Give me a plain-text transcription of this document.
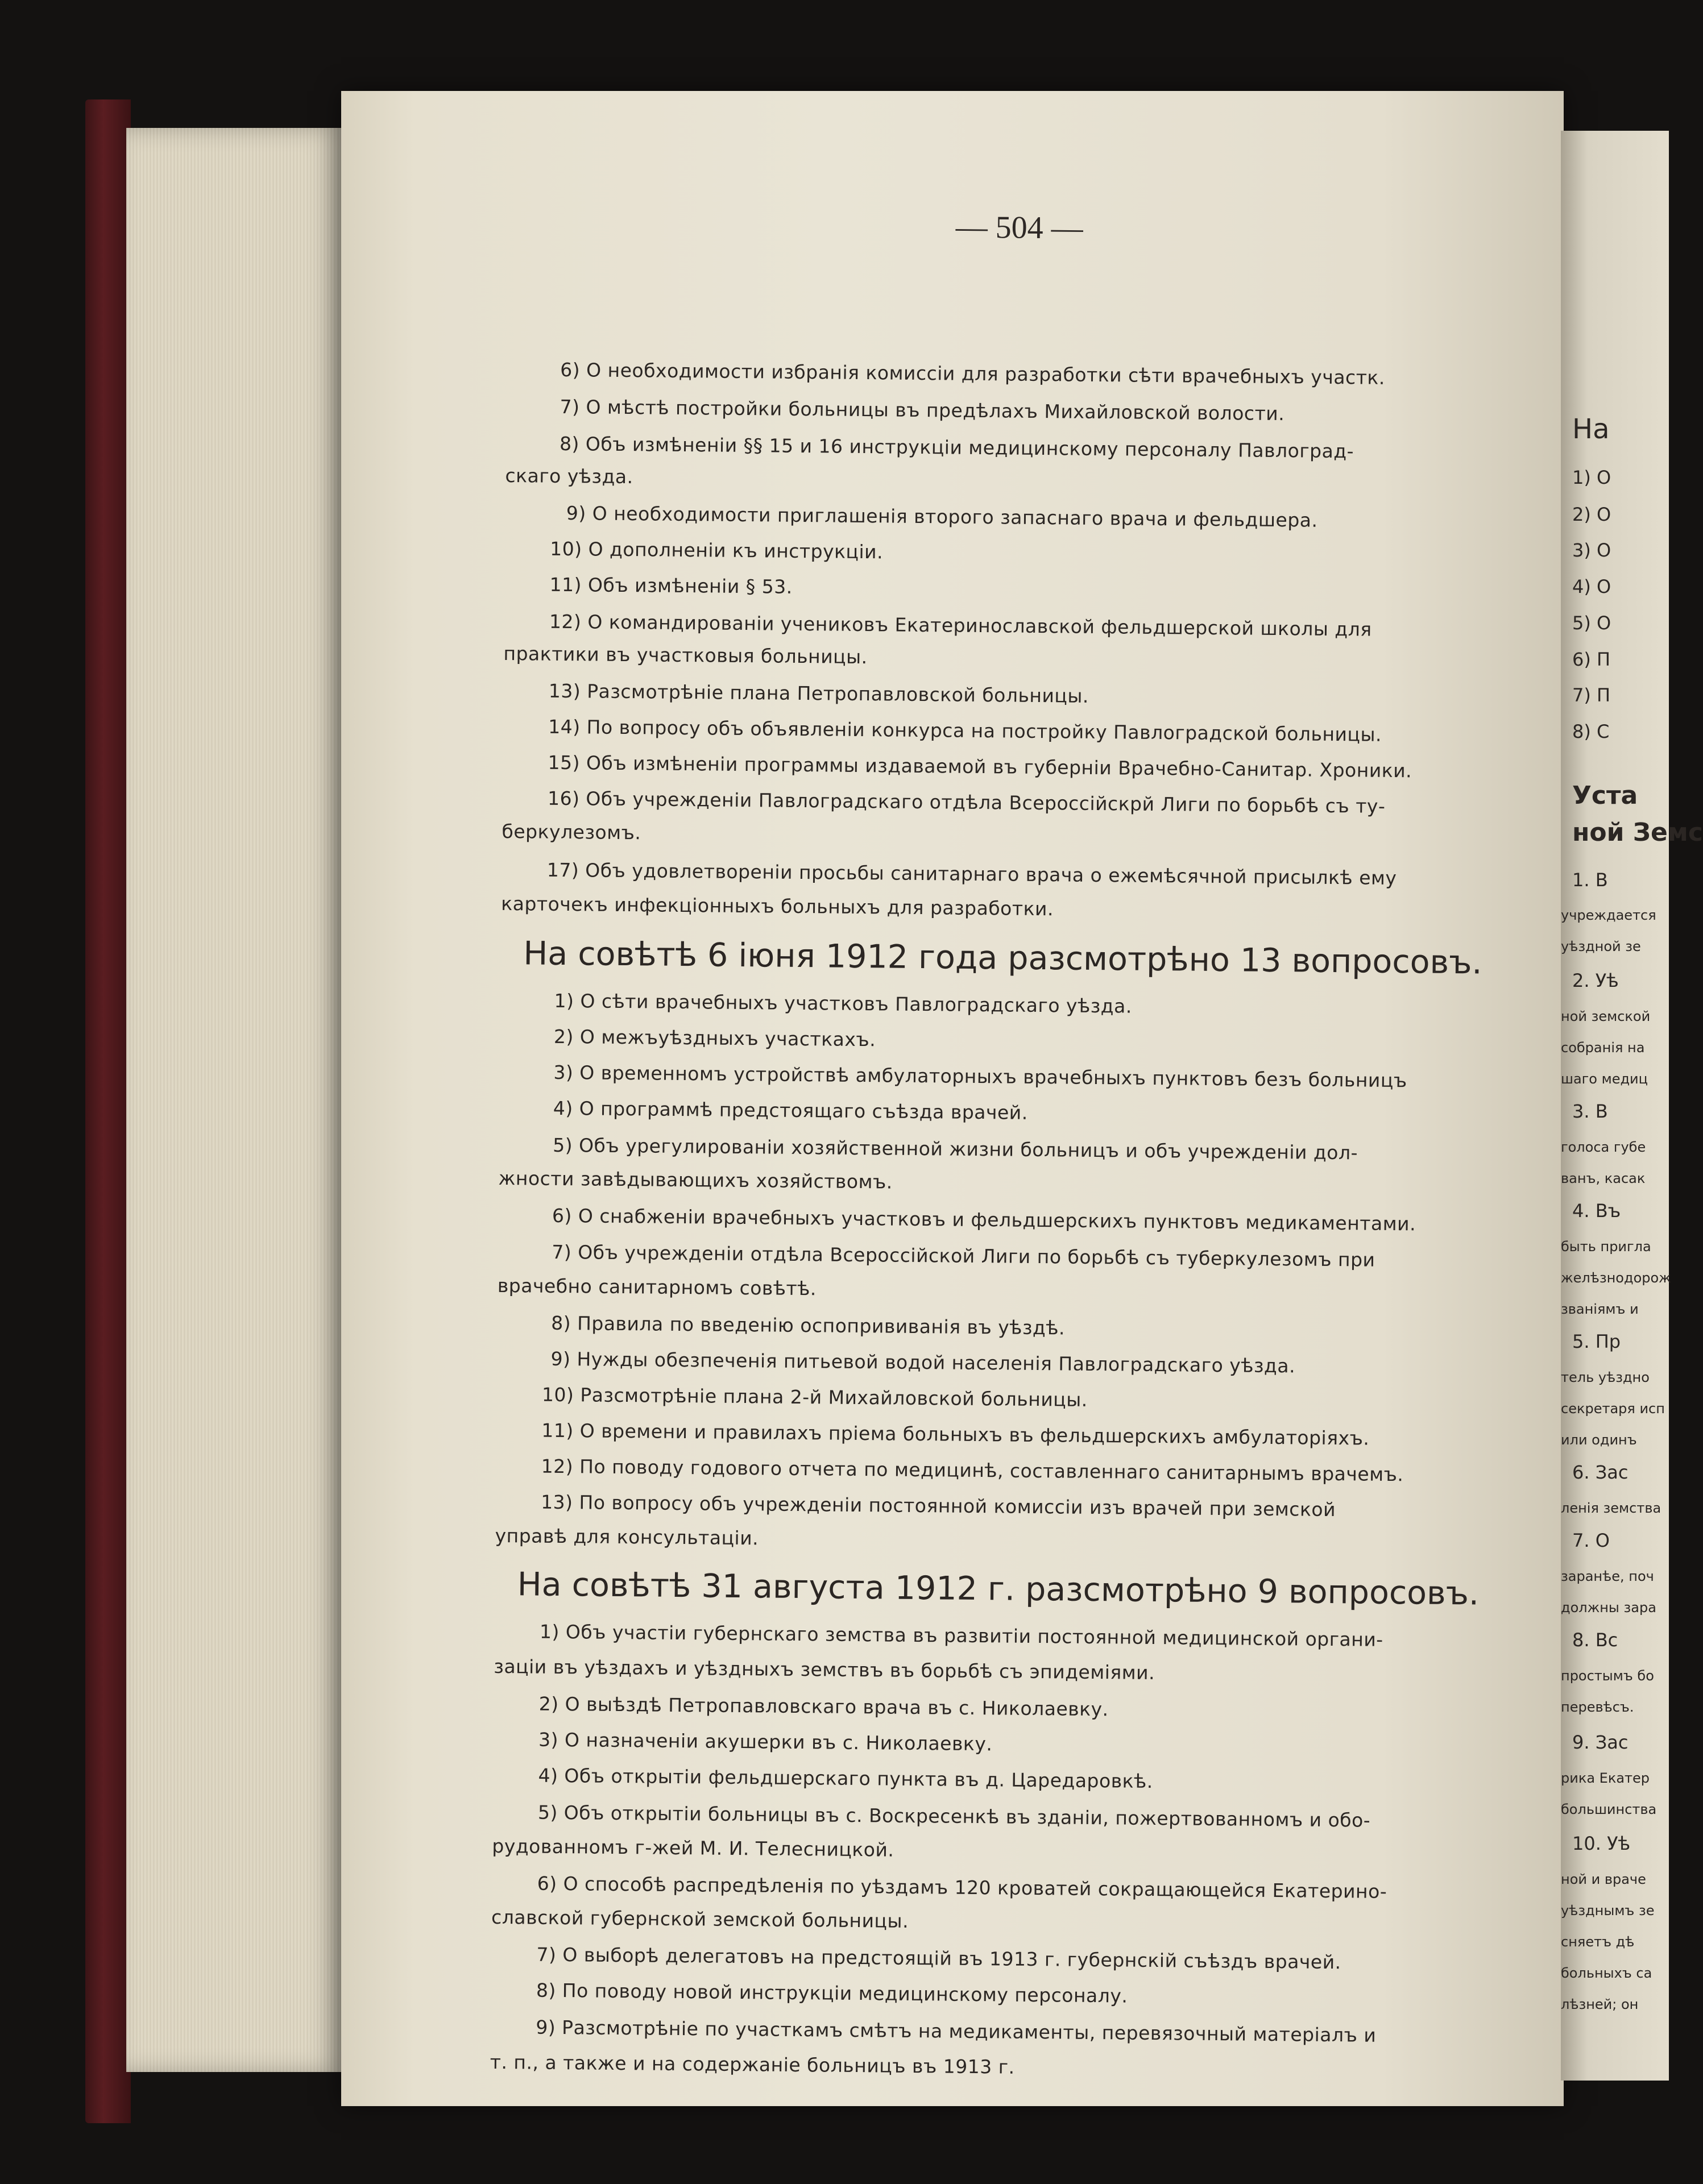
— 504 —
6) О необходимости избранія комиссіи для разработки сѣти врачебныхъ участк.
7) О мѣстѣ постройки больницы въ предѣлахъ Михайловской волости.
8) Объ измѣненіи §§ 15 и 16 инструкціи медицинскому персоналу Павлоград-
скаго уѣзда.
9) О необходимости приглашенія второго запаснаго врача и фельдшера.
10) О дополненіи къ инструкціи.
11) Объ измѣненіи § 53.
12) О командированіи учениковъ Екатеринославской фельдшерской школы для
практики въ участковыя больницы.
13) Разсмотрѣніе плана Петропавловской больницы.
14) По вопросу объ объявленіи конкурса на постройку Павлоградской больницы.
15) Объ измѣненіи программы издаваемой въ губерніи Врачебно-Санитар. Хроники.
16) Объ учрежденіи Павлоградскаго отдѣла Всероссійскрй Лиги по борьбѣ съ ту-
беркулезомъ.
17) Объ удовлетвореніи просьбы санитарнаго врача о ежемѣсячной присылкѣ ему
карточекъ инфекціонныхъ больныхъ для разработки.
На совѣтѣ 6 іюня 1912 года разсмотрѣно 13 вопросовъ.
1) О сѣти врачебныхъ участковъ Павлоградскаго уѣзда.
2) О межъуѣздныхъ участкахъ.
3) О временномъ устройствѣ амбулаторныхъ врачебныхъ пунктовъ безъ больницъ
4) О программѣ предстоящаго съѣзда врачей.
5) Объ урегулированіи хозяйственной жизни больницъ и объ учрежденіи дол-
жности завѣдывающихъ хозяйствомъ.
6) О снабженіи врачебныхъ участковъ и фельдшерскихъ пунктовъ медикаментами.
7) Объ учрежденіи отдѣла Всероссійской Лиги по борьбѣ съ туберкулезомъ при
врачебно санитарномъ совѣтѣ.
8) Правила по введенію оспопрививанія въ уѣздѣ.
9) Нужды обезпеченія питьевой водой населенія Павлоградскаго уѣзда.
10) Разсмотрѣніе плана 2-й Михайловской больницы.
11) О времени и правилахъ пріема больныхъ въ фельдшерскихъ амбулаторіяхъ.
12) По поводу годового отчета по медицинѣ, составленнаго санитарнымъ врачемъ.
13) По вопросу объ учрежденіи постоянной комиссіи изъ врачей при земской
управѣ для консультаціи.
На совѣтѣ 31 августа 1912 г. разсмотрѣно 9 вопросовъ.
1) Объ участіи губернскаго земства въ развитіи постоянной медицинской органи-
заціи въ уѣздахъ и уѣздныхъ земствъ въ борьбѣ съ эпидеміями.
2) О выѣздѣ Петропавловскаго врача въ с. Николаевку.
3) О назначеніи акушерки въ с. Николаевку.
4) Объ открытіи фельдшерскаго пункта въ д. Царедаровкѣ.
5) Объ открытіи больницы въ с. Воскресенкѣ въ зданіи, пожертвованномъ и обо-
рудованномъ г-жей М. И. Телесницкой.
6) О способѣ распредѣленія по уѣздамъ 120 кроватей сокращающейся Екатерино-
славской губернской земской больницы.
7) О выборѣ делегатовъ на предстоящій въ 1913 г. губернскій съѣздъ врачей.
8) По поводу новой инструкціи медицинскому персоналу.
9) Разсмотрѣніе по участкамъ смѣтъ на медикаменты, перевязочный матеріалъ и
т. п., а также и на содержаніе больницъ въ 1913 г.
На
1) О
2) О
3) О
4) О
5) О
6) П
7) П
8) С
Уста
ной Земс
1. В
учреждается
уѣздной зе
2. Уѣ
ной земской
собранія на
шаго медиц
3. В
голоса губе
ванъ, касак
4. Въ
быть пригла
желѣзнодорож
званіямъ и
5. Пр
тель уѣздно
секретаря исп
или одинъ
6. Зас
ленія земства
7. О
заранѣе, поч
должны зара
8. Вс
простымъ бо
перевѣсъ.
9. Зас
рика Екатер
большинства
10. Уѣ
ной и враче
уѣзднымъ зе
сняетъ дѣ
больныхъ са
лѣзней; он
